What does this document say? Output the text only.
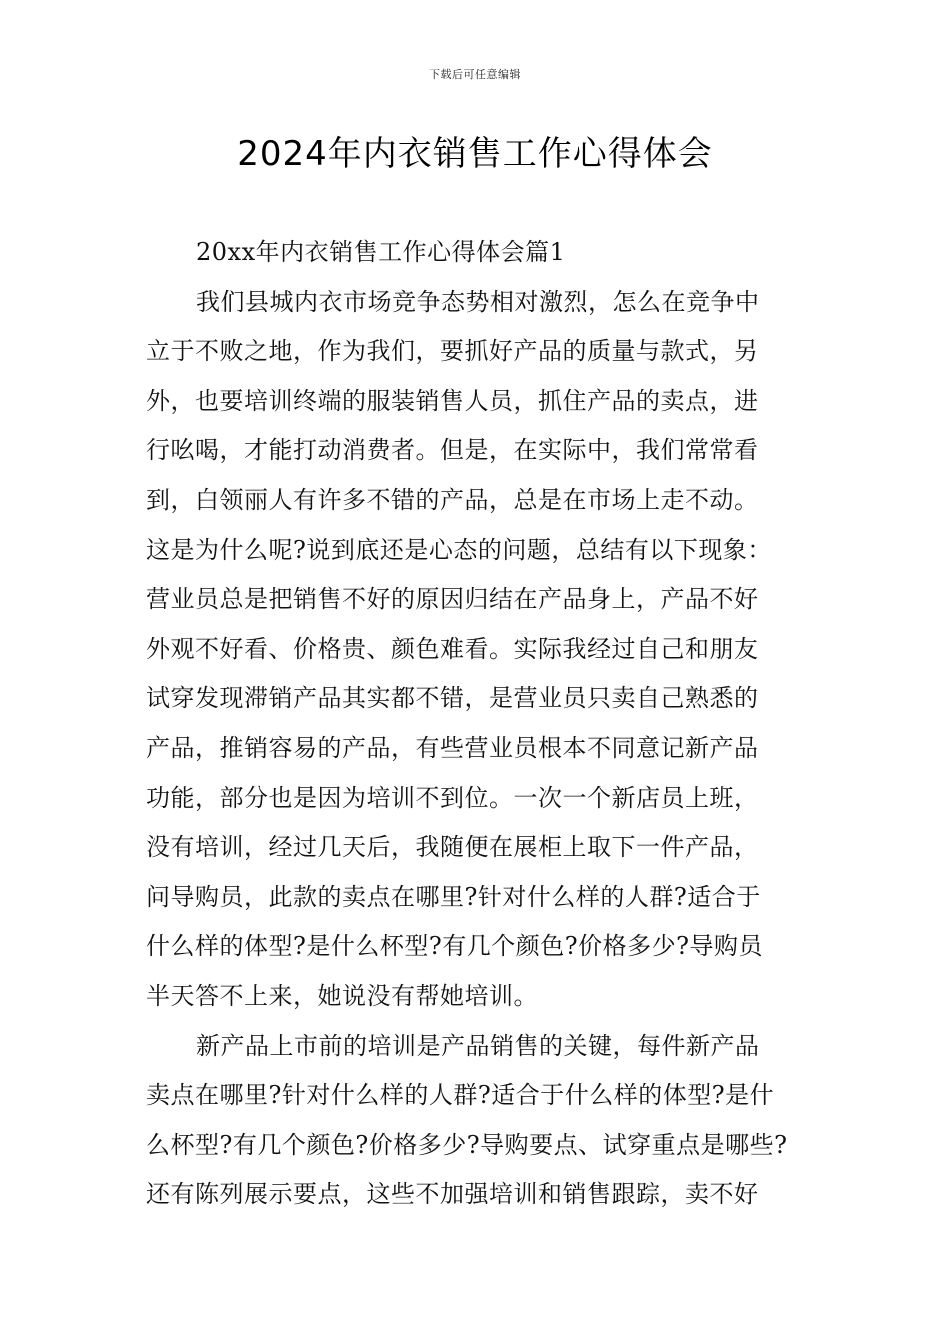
下载后可任意编辑
2024年内衣销售工作心得体会

20xx年内衣销售工作心得体会篇1

我们县城内衣市场竞争态势相对激烈，怎么在竞争中
立于不败之地，作为我们，要抓好产品的质量与款式，另
外，也要培训终端的服装销售人员，抓住产品的卖点，进
行吆喝，才能打动消费者。但是，在实际中，我们常常看
到，白领丽人有许多不错的产品，总是在市场上走不动。
这是为什么呢?说到底还是心态的问题，总结有以下现象：
营业员总是把销售不好的原因归结在产品身上，产品不好
外观不好看、价格贵、颜色难看。实际我经过自己和朋友
试穿发现滞销产品其实都不错，是营业员只卖自己熟悉的
产品，推销容易的产品，有些营业员根本不同意记新产品
功能，部分也是因为培训不到位。一次一个新店员上班，
没有培训，经过几天后，我随便在展柜上取下一件产品，
问导购员，此款的卖点在哪里?针对什么样的人群?适合于
什么样的体型?是什么杯型?有几个颜色?价格多少?导购员
半天答不上来，她说没有帮她培训。
新产品上市前的培训是产品销售的关键，每件新产品
卖点在哪里?针对什么样的人群?适合于什么样的体型?是什
么杯型?有几个颜色?价格多少?导购要点、试穿重点是哪些?
还有陈列展示要点，这些不加强培训和销售跟踪，卖不好
